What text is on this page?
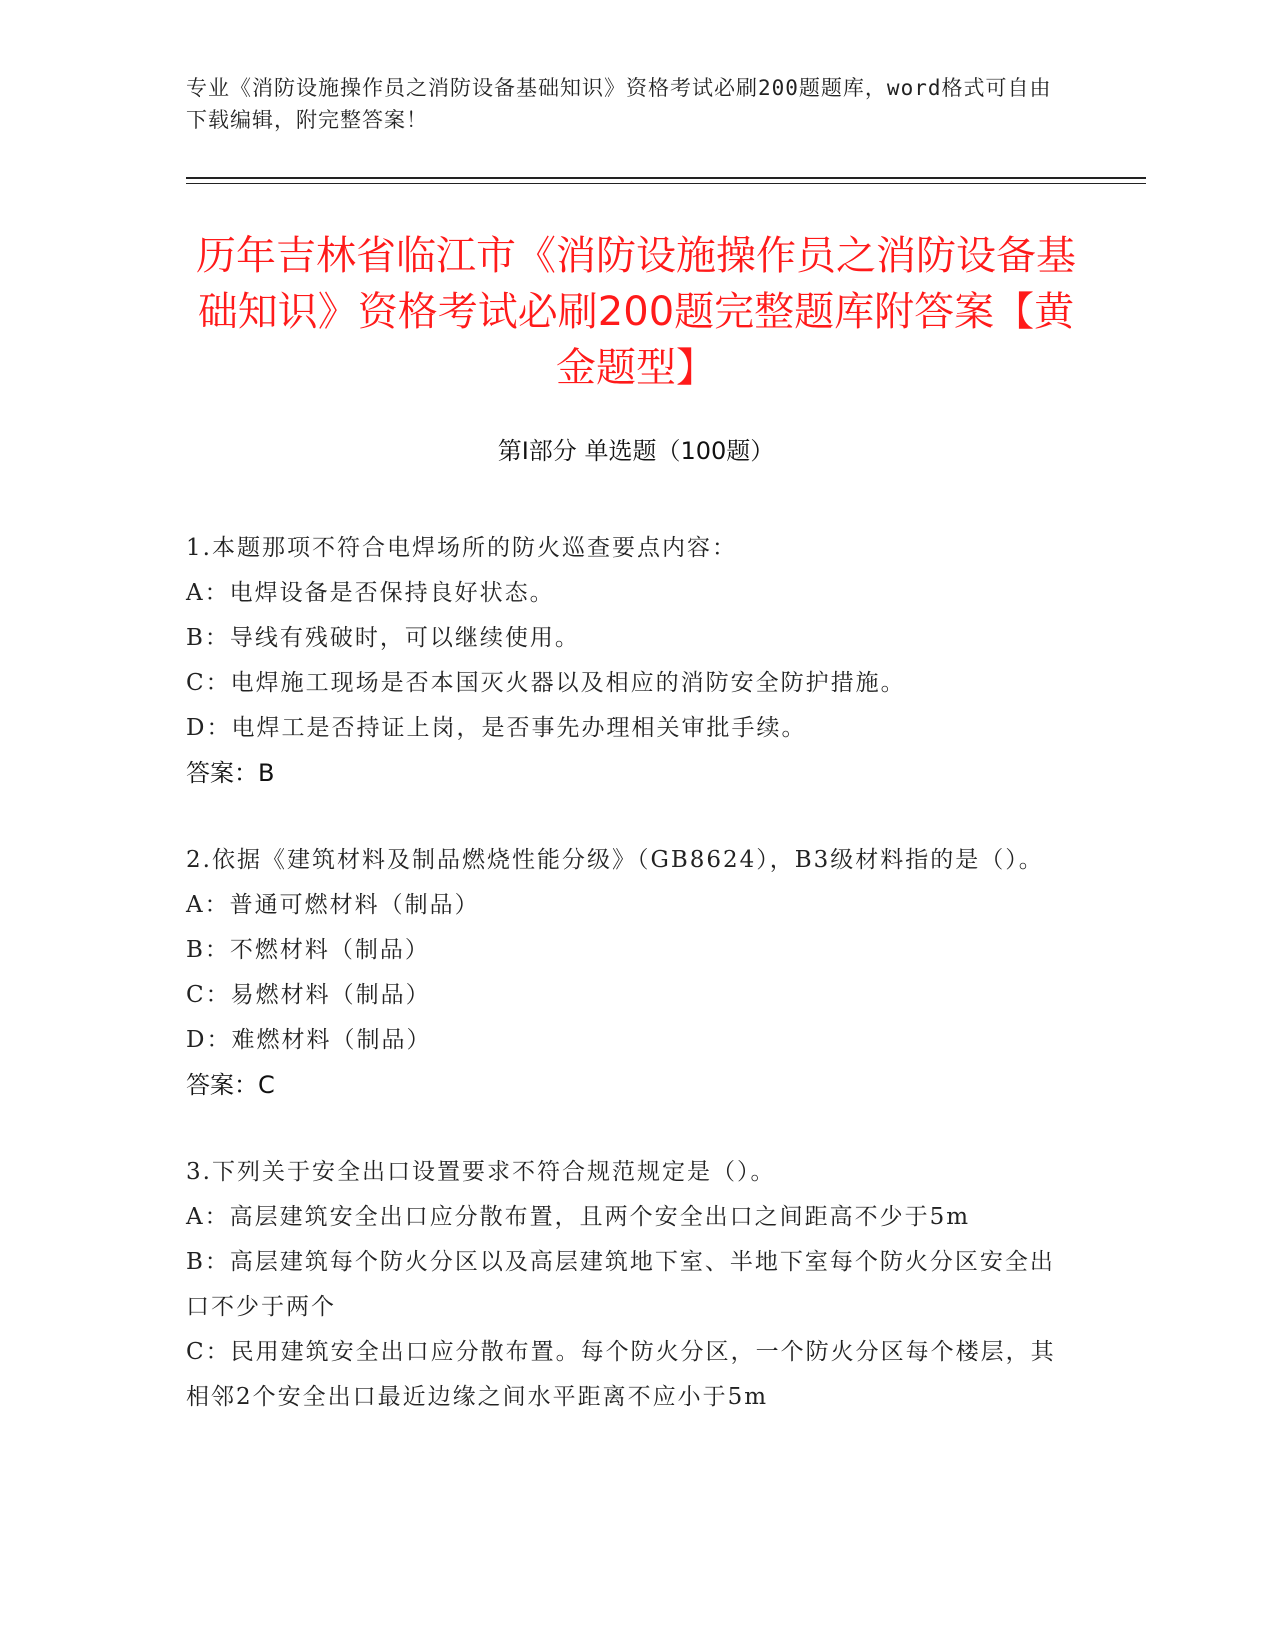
专业《消防设施操作员之消防设备基础知识》资格考试必刷200题题库，word格式可自由下载编辑，附完整答案！
历年吉林省临江市《消防设施操作员之消防设备基础知识》资格考试必刷200题完整题库附答案【黄金题型】
第Ⅰ部分 单选题（100题）
1.本题那项不符合电焊场所的防火巡查要点内容：
A：电焊设备是否保持良好状态。
B：导线有残破时，可以继续使用。
C：电焊施工现场是否本国灭火器以及相应的消防安全防护措施。
D：电焊工是否持证上岗，是否事先办理相关审批手续。
答案：B
2.依据《建筑材料及制品燃烧性能分级》（GB8624），B3级材料指的是（）。
A：普通可燃材料（制品）
B：不燃材料（制品）
C：易燃材料（制品）
D：难燃材料（制品）
答案：C
3.下列关于安全出口设置要求不符合规范规定是（）。
A：高层建筑安全出口应分散布置，且两个安全出口之间距高不少于5m
B：高层建筑每个防火分区以及高层建筑地下室、半地下室每个防火分区安全出口不少于两个
C：民用建筑安全出口应分散布置。每个防火分区，一个防火分区每个楼层，其相邻2个安全出口最近边缘之间水平距离不应小于5m
